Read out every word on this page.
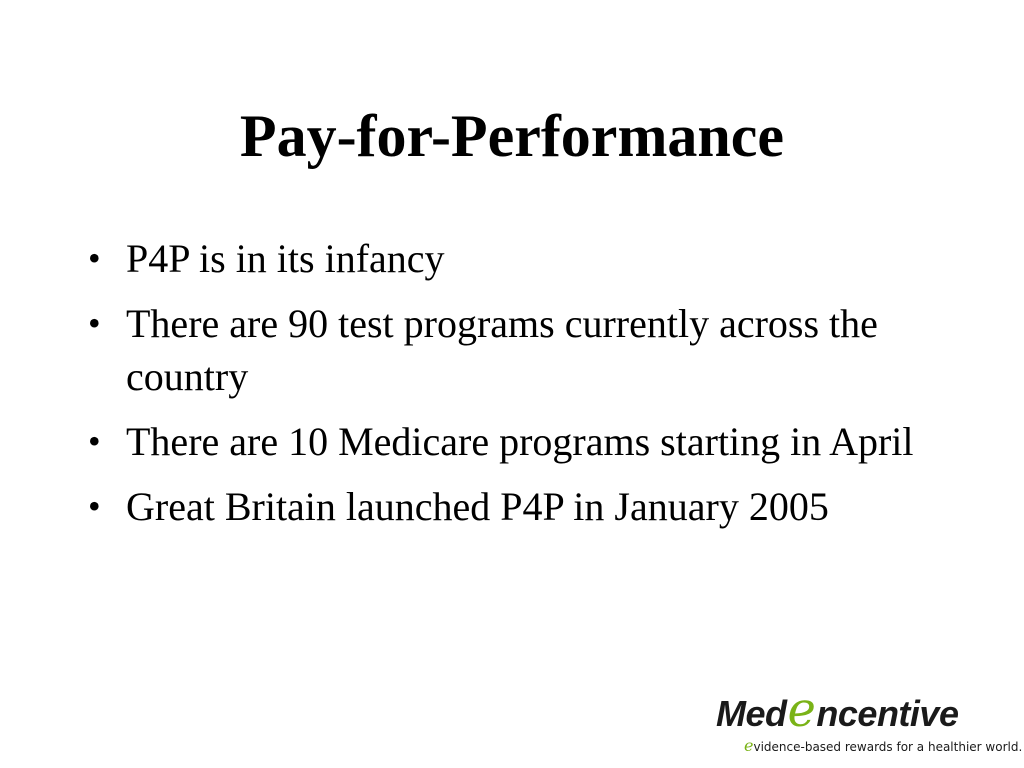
Pay-for-Performance
• P4P is in its infancy
• There are 90 test programs currently across the country
• There are 10 Medicare programs starting in April
• Great Britain launched P4P in January 2005
Medencentive
evidence-based rewards for a healthier world.
